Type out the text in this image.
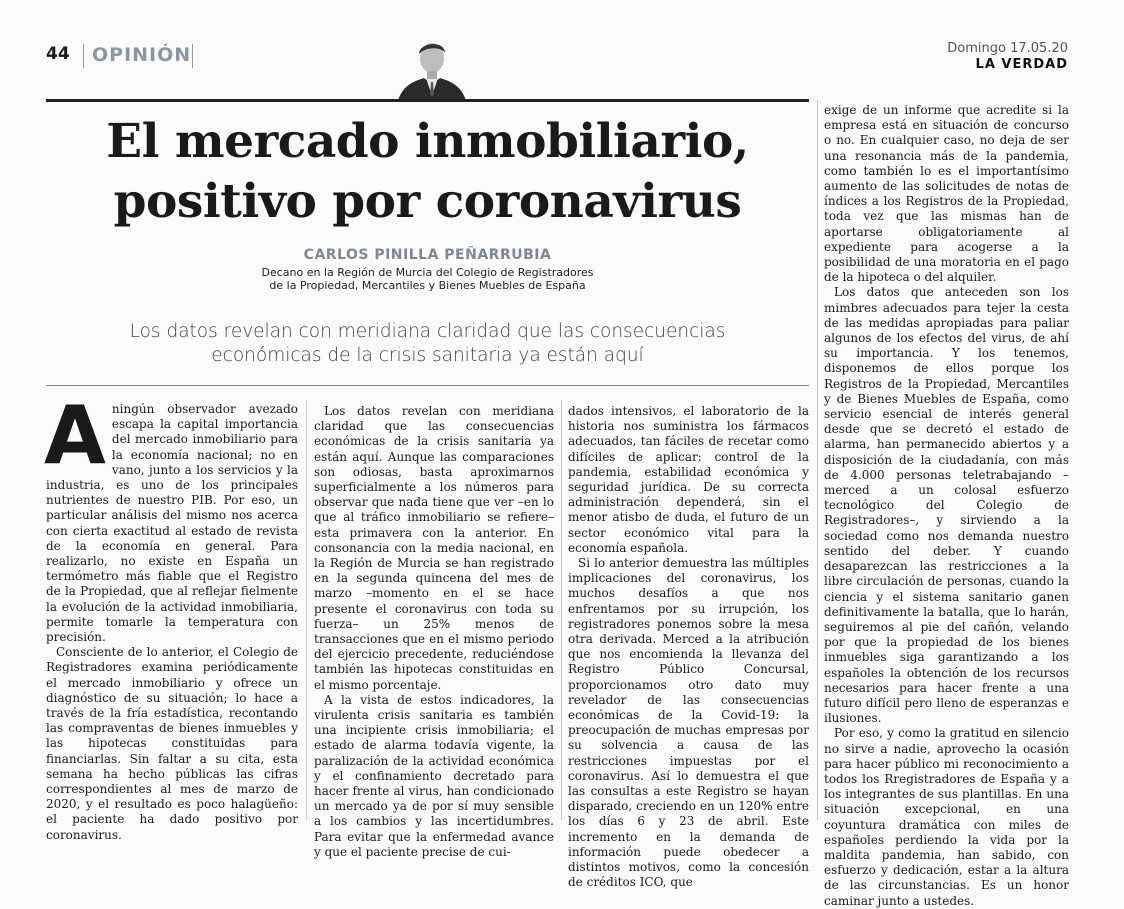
44 OPINIÓN	Domingo 17.05.20
LA VERDAD
El mercado inmobiliario,
positivo por coronavirus
CARLOS PINILLA PEÑARRUBIA
Decano en la Región de Murcia del Colegio de Registradores
de la Propiedad, Mercantiles y Bienes Muebles de España
Los datos revelan con meridiana claridad que las consecuencias
económicas de la crisis sanitaria ya están aquí

Aningún observador avezado escapa la capital importancia del mercado inmobiliario para la economía nacional; no en vano, junto a los servicios y la industria, es uno de los principales nutrientes de nuestro PIB. Por eso, un particular análisis del mismo nos acerca con cierta exactitud al estado de revista de la economía en general. Para realizarlo, no existe en España un termómetro más fiable que el Registro de la Propiedad, que al reflejar fielmente la evolución de la actividad inmobiliaria, permite tomarle la temperatura con precisión.

Consciente de lo anterior, el Colegio de Registradores examina periódicamente el mercado inmobiliario y ofrece un diagnóstico de su situación; lo hace a través de la fría estadística, recontando las compraventas de bienes inmuebles y las hipotecas constituidas para financiarlas. Sin faltar a su cita, esta semana ha hecho públicas las cifras correspondientes al mes de marzo de 2020, y el resultado es poco halagüeño: el paciente ha dado positivo por coronavirus.

Los datos revelan con meridiana claridad que las consecuencias económicas de la crisis sanitaria ya están aquí. Aunque las comparaciones son odiosas, basta aproximarnos superficialmente a los números para observar que nada tiene que ver –en lo que al tráfico inmobiliario se refiere– esta primavera con la anterior. En consonancia con la media nacional, en la Región de Murcia se han registrado en la segunda quincena del mes de marzo –momento en el se hace presente el coronavirus con toda su fuerza– un 25% menos de transacciones que en el mismo periodo del ejercicio precedente, reduciéndose también las hipotecas constituidas en el mismo porcentaje.

A la vista de estos indicadores, la virulenta crisis sanitaria es también una incipiente crisis inmobiliaria; el estado de alarma todavía vigente, la paralización de la actividad económica y el confinamiento decretado para hacer frente al virus, han condicionado un mercado ya de por sí muy sensible a los cambios y las incertidumbres. Para evitar que la enfermedad avance y que el paciente precise de cui-

dados intensivos, el laboratorio de la historia nos suministra los fármacos adecuados, tan fáciles de recetar como difíciles de aplicar: control de la pandemia, estabilidad económica y seguridad jurídica. De su correcta administración dependerá, sin el menor atisbo de duda, el futuro de un sector económico vital para la economía española.

Si lo anterior demuestra las múltiples implicaciones del coronavirus, los muchos desafíos a que nos enfrentamos por su irrupción, los registradores ponemos sobre la mesa otra derivada. Merced a la atribución que nos encomienda la llevanza del Registro Público Concursal, proporcionamos otro dato muy revelador de las consecuencias económicas de la Covid-19: la preocupación de muchas empresas por su solvencia a causa de las restricciones impuestas por el coronavirus. Así lo demuestra el que las consultas a este Registro se hayan disparado, creciendo en un 120% entre los días 6 y 23 de abril. Este incremento en la demanda de información puede obedecer a distintos motivos, como la concesión de créditos ICO, que

exige de un informe que acredite si la empresa está en situación de concurso o no. En cualquier caso, no deja de ser una resonancia más de la pandemia, como también lo es el importantísimo aumento de las solicitudes de notas de índices a los Registros de la Propiedad, toda vez que las mismas han de aportarse obligatoriamente al expediente para acogerse a la posibilidad de una moratoria en el pago de la hipoteca o del alquiler.

Los datos que anteceden son los mimbres adecuados para tejer la cesta de las medidas apropiadas para paliar algunos de los efectos del virus, de ahí su importancia. Y los tenemos, disponemos de ellos porque los Registros de la Propiedad, Mercantiles y de Bienes Muebles de España, como servicio esencial de interés general desde que se decretó el estado de alarma, han permanecido abiertos y a disposición de la ciudadanía, con más de 4.000 personas teletrabajando –merced a un colosal esfuerzo tecnológico del Colegio de Registradores–, y sirviendo a la sociedad como nos demanda nuestro sentido del deber. Y cuando desaparezcan las restricciones a la libre circulación de personas, cuando la ciencia y el sistema sanitario ganen definitivamente la batalla, que lo harán, seguiremos al pie del cañón, velando por que la propiedad de los bienes inmuebles siga garantizando a los españoles la obtención de los recursos necesarios para hacer frente a una futuro difícil pero lleno de esperanzas e ilusiones.

Por eso, y como la gratitud en silencio no sirve a nadie, aprovecho la ocasión para hacer público mi reconocimiento a todos los Rregistradores de España y a los integrantes de sus plantillas. En una situación excepcional, en una coyuntura dramática con miles de españoles perdiendo la vida por la maldita pandemia, han sabido, con esfuerzo y dedicación, estar a la altura de las circunstancias. Es un honor caminar junto a ustedes.
